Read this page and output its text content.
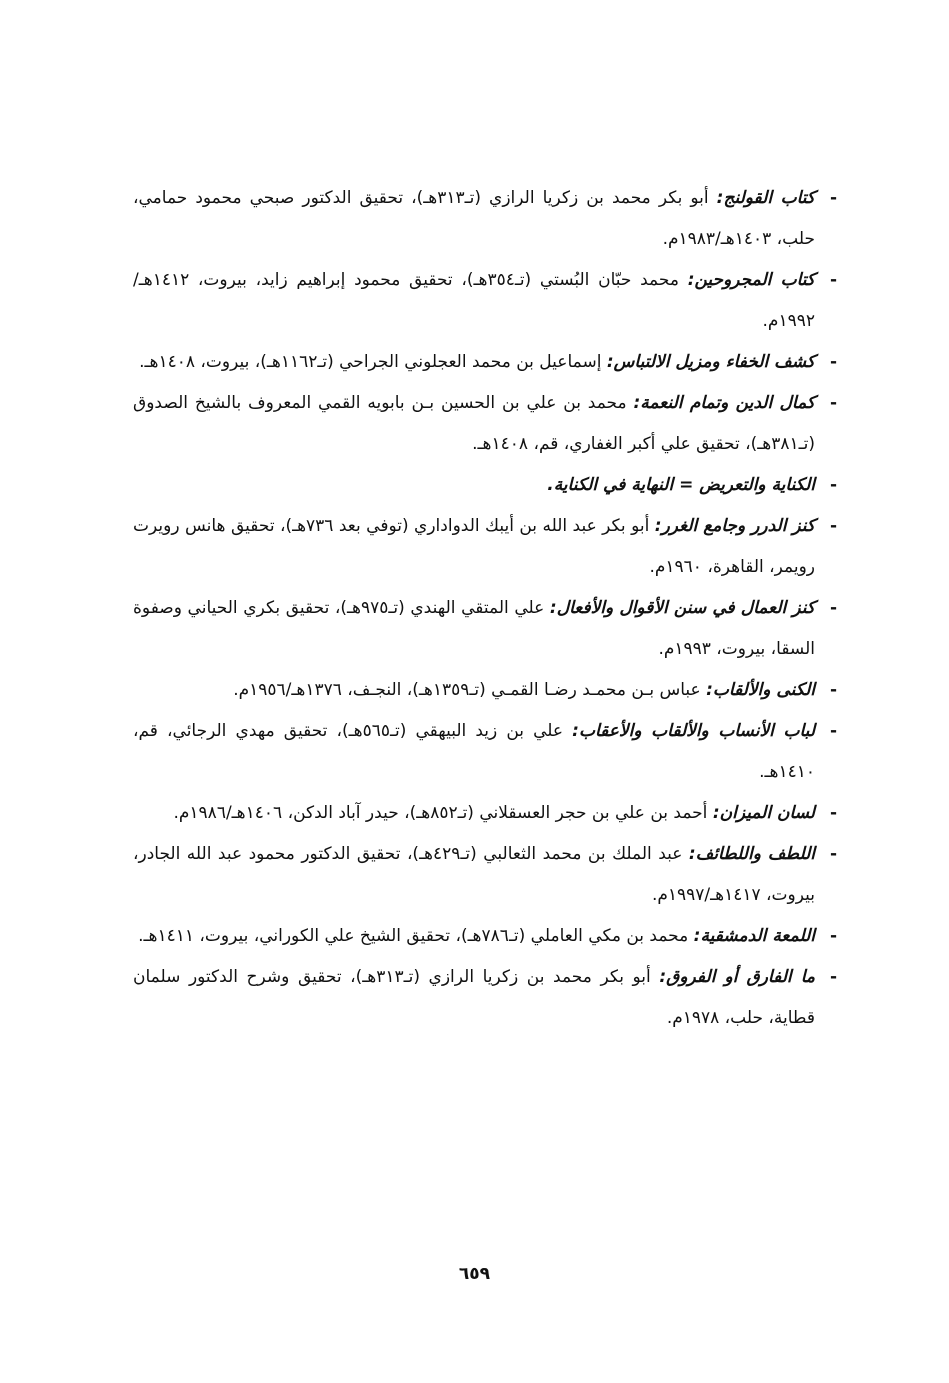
-
كتاب القولنج: أبو بكر محمد بن زكريا الرازي (تـ٣١٣هـ)، تحقيق الدكتور صبحي محمود حمامي، حلب، ١٤٠٣هـ/١٩٨٣م.
-
كتاب المجروحين: محمد حبّان البُستي (تـ٣٥٤هـ)، تحقيق محمود إبراهيم زايد، بيروت، ١٤١٢هـ/١٩٩٢م.
-
كشف الخفاء ومزيل الالتباس: إسماعيل بن محمد العجلوني الجراحي (تـ١١٦٢هـ)، بيروت، ١٤٠٨هـ.
-
كمال الدين وتمام النعمة: محمد بن علي بن الحسين بـن بابويه القمي المعروف بالشيخ الصدوق (تـ٣٨١هـ)، تحقيق علي أكبر الغفاري، قم، ١٤٠٨هـ.
-
الكناية والتعريض = النهاية في الكناية.
-
كنز الدرر وجامع الغرر: أبو بكر عبد الله بن أيبك الدواداري (توفي بعد ٧٣٦هـ)، تحقيق هانس رويرت رويمر، القاهرة، ١٩٦٠م.
-
كنز العمال في سنن الأقوال والأفعال: علي المتقي الهندي (تـ٩٧٥هـ)، تحقيق بكري الحياني وصفوة السقا، بيروت، ١٩٩٣م.
-
الكنى والألقاب: عباس بـن محمـد رضـا القمـي (تـ١٣٥٩هـ)، النجـف، ١٣٧٦هـ/١٩٥٦م.
-
لباب الأنساب والألقاب والأعقاب: علي بن زيد البيهقي (تـ٥٦٥هـ)، تحقيق مهدي الرجائي، قم، ١٤١٠هـ.
-
لسان الميزان: أحمد بن علي بن حجر العسقلاني (تـ٨٥٢هـ)، حيدر آباد الدكن، ١٤٠٦هـ/١٩٨٦م.
-
اللطف واللطائف: عبد الملك بن محمد الثعالبي (تـ٤٢٩هـ)، تحقيق الدكتور محمود عبد الله الجادر، بيروت، ١٤١٧هـ/١٩٩٧م.
-
اللمعة الدمشقية: محمد بن مكي العاملي (تـ٧٨٦هـ)، تحقيق الشيخ علي الكوراني، بيروت، ١٤١١هـ.
-
ما الفارق أو الفروق: أبو بكر محمد بن زكريا الرازي (تـ٣١٣هـ)، تحقيق وشرح الدكتور سلمان قطاية، حلب، ١٩٧٨م.
٦٥٩
